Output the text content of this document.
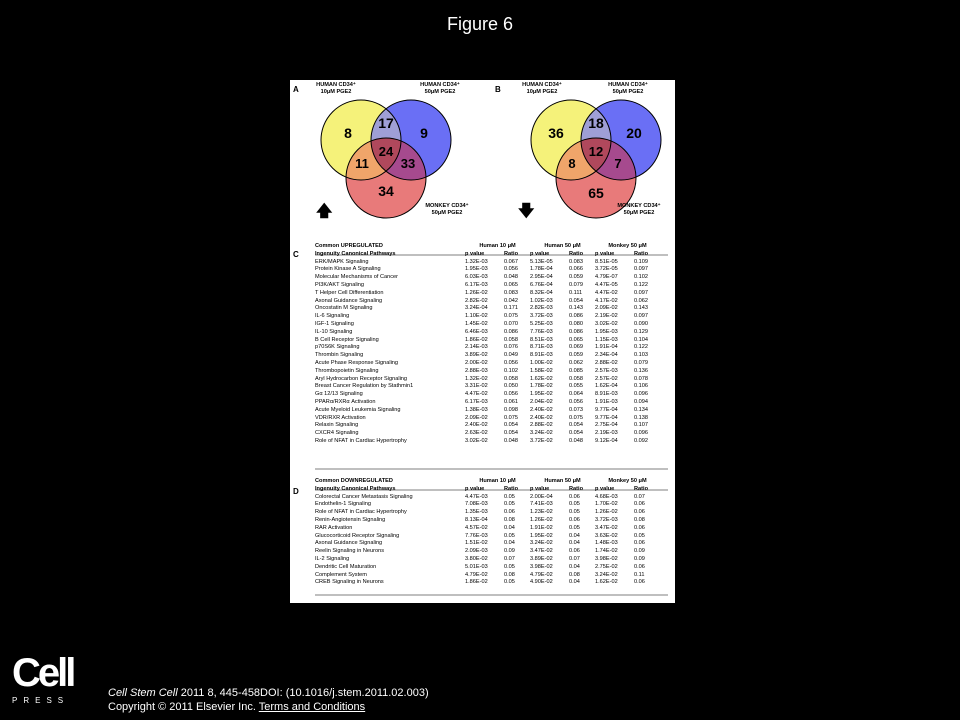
Figure 6
8	9
17
11 33
24
34
36	20
18
8	7
12
65
A	B
C
D
HUMAN CD34⁺
10μM PGE2
HUMAN CD34⁺
50μM PGE2
MONKEY CD34⁺
50μM PGE2
HUMAN CD34⁺
10μM PGE2
HUMAN CD34⁺
50μM PGE2
MONKEY CD34⁺
50μM PGE2
🡅	🡇
Common UPREGULATED	Human 10 μM	Human 50 μM	Monkey 50 μM
Ingenuity Canonical Pathways	p value	Ratio	p value	Ratio	p value	Ratio
ERK/MAPK Signaling	1.32E-03	0.067	5.13E-05	0.083	8.51E-05	0.109
Protein Kinase A Signaling	1.95E-03	0.056	1.78E-04	0.066	3.72E-05	0.097
Molecular Mechanisms of Cancer	6.03E-03	0.048	2.95E-04	0.059	4.79E-07	0.102
PI3K/AKT Signaling	6.17E-03	0.065	6.76E-04	0.079	4.47E-05	0.122
T Helper Cell Differentiation	1.26E-02	0.083	8.32E-04	0.111	4.47E-02	0.097
Axonal Guidance Signaling	2.82E-02	0.042	1.02E-03	0.054	4.17E-02	0.062
Oncostatin M Signaling	3.24E-04	0.171	2.82E-03	0.143	2.09E-02	0.143
IL-6 Signaling	1.10E-02	0.075	3.72E-03	0.086	2.19E-02	0.097
IGF-1 Signaling	1.45E-02	0.070	5.25E-03	0.080	3.02E-02	0.090
IL-10 Signaling	6.46E-03	0.086	7.76E-03	0.086	1.95E-03	0.129
B Cell Receptor Signaling	1.86E-02	0.058	8.51E-03	0.065	1.15E-03	0.104
p70S6K Signaling	2.14E-03	0.076	8.71E-03	0.069	1.91E-04	0.122
Thrombin Signaling	3.89E-02	0.049	8.91E-03	0.059	2.34E-04	0.103
Acute Phase Response Signaling	2.00E-02	0.056	1.00E-02	0.062	2.88E-02	0.079
Thrombopoietin Signaling	2.88E-03	0.102	1.58E-02	0.085	2.57E-03	0.136
Aryl Hydrocarbon Receptor Signaling	1.32E-02	0.058	1.62E-02	0.058	2.57E-02	0.078
Breast Cancer Regulation by Stathmin1	3.31E-02	0.050	1.78E-02	0.055	1.62E-04	0.106
Gα 12/13 Signaling	4.47E-02	0.056	1.95E-02	0.064	8.91E-03	0.096
PPARα/RXRα Activation	6.17E-03	0.061	2.04E-02	0.056	1.91E-03	0.094
Acute Myeloid Leukemia Signaling	1.38E-03	0.098	2.40E-02	0.073	9.77E-04	0.134
VDR/RXR Activation	2.09E-02	0.075	2.40E-02	0.075	9.77E-04	0.138
Relaxin Signaling	2.40E-02	0.054	2.88E-02	0.054	2.75E-04	0.107
CXCR4 Signaling	2.63E-02	0.054	3.24E-02	0.054	2.19E-03	0.096
Role of NFAT in Cardiac Hypertrophy	3.02E-02	0.048	3.72E-02	0.048	9.12E-04	0.092
Common DOWNREGULATED	Human 10 μM	Human 50 μM	Monkey 50 μM
Ingenuity Canonical Pathways	p value	Ratio	p value	Ratio	p value	Ratio
Colorectal Cancer Metastasis Signaling	4.47E-03	0.05	2.00E-04	0.06	4.68E-03	0.07
Endothelin-1 Signaling	7.08E-03	0.05	7.41E-03	0.05	1.70E-02	0.06
Role of NFAT in Cardiac Hypertrophy	1.35E-03	0.06	1.23E-02	0.05	1.26E-02	0.06
Renin-Angiotensin Signaling	8.13E-04	0.08	1.26E-02	0.06	3.72E-03	0.08
RAR Activation	4.57E-02	0.04	1.91E-02	0.05	3.47E-02	0.06
Glucocorticoid Receptor Signaling	7.76E-03	0.05	1.95E-02	0.04	3.63E-02	0.05
Axonal Guidance Signaling	1.51E-02	0.04	3.24E-02	0.04	1.48E-03	0.06
Reelin Signaling in Neurons	2.09E-03	0.09	3.47E-02	0.06	1.74E-02	0.09
IL-2 Signaling	3.80E-02	0.07	3.89E-02	0.07	3.98E-02	0.09
Dendritic Cell Maturation	5.01E-03	0.05	3.98E-02	0.04	2.75E-02	0.06
Complement System	4.79E-02	0.08	4.79E-02	0.08	3.24E-02	0.11
CREB Signaling in Neurons	1.86E-02	0.05	4.90E-02	0.04	1.62E-02	0.06
Cell
PRESS
Cell Stem Cell 2011 8, 445-458DOI: (10.1016/j.stem.2011.02.003)
Copyright © 2011 Elsevier Inc. Terms and Conditions
